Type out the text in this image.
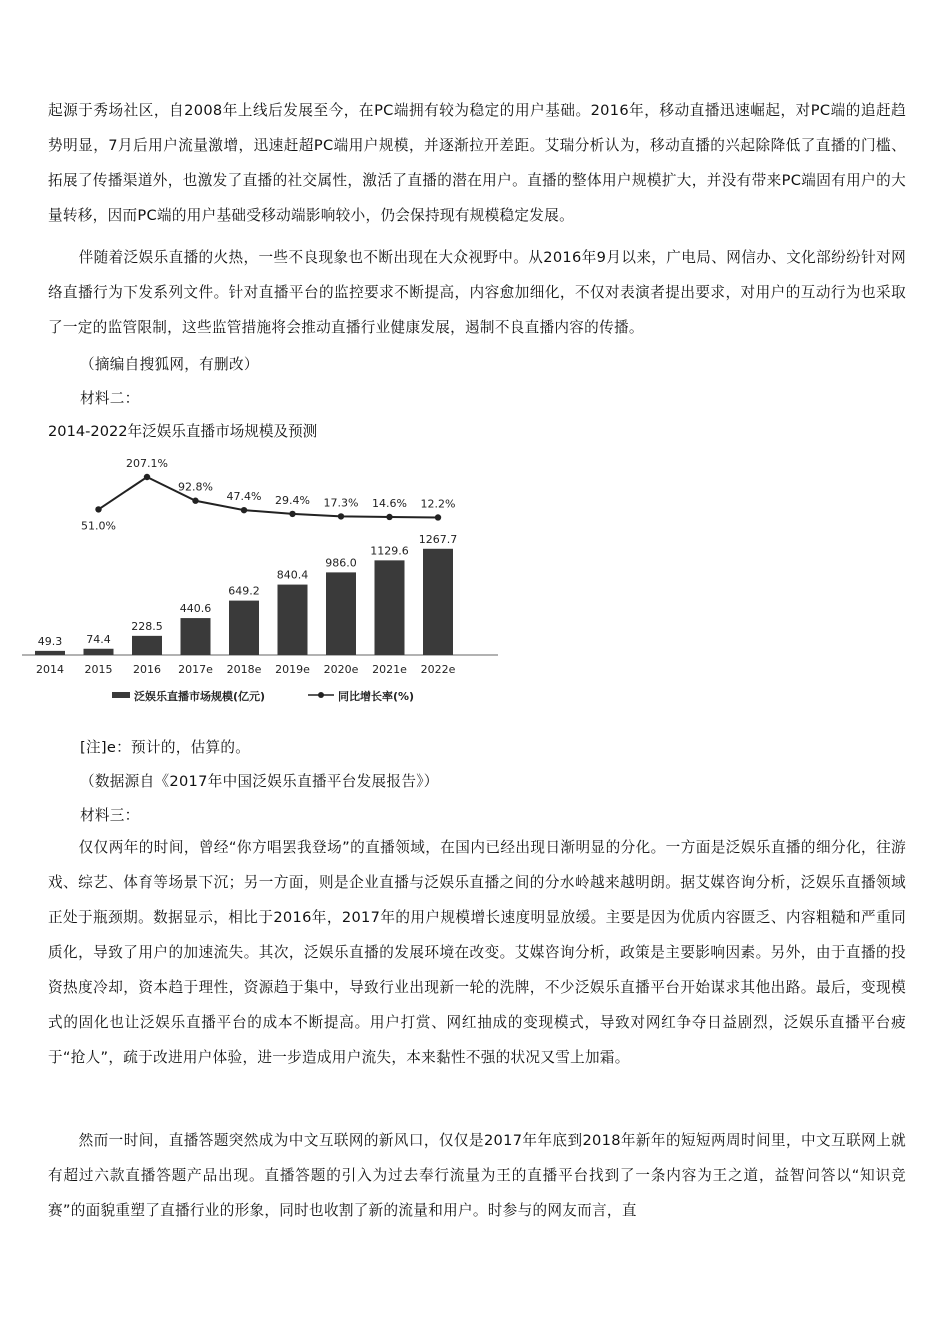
起源于秀场社区，自2008年上线后发展至今，在PC端拥有较为稳定的用户基础。2016年，移动直播迅速崛起，对PC端的追赶趋势明显，7月后用户流量激增，迅速赶超PC端用户规模，并逐渐拉开差距。艾瑞分析认为，移动直播的兴起除降低了直播的门槛、拓展了传播渠道外，也激发了直播的社交属性，激活了直播的潜在用户。直播的整体用户规模扩大，并没有带来PC端固有用户的大量转移，因而PC端的用户基础受移动端影响较小，仍会保持现有规模稳定发展。

伴随着泛娱乐直播的火热，一些不良现象也不断出现在大众视野中。从2016年9月以来，广电局、网信办、文化部纷纷针对网络直播行为下发系列文件。针对直播平台的监控要求不断提高，内容愈加细化，不仅对表演者提出要求，对用户的互动行为也采取了一定的监管限制，这些监管措施将会推动直播行业健康发展，遏制不良直播内容的传播。

（摘编自搜狐网，有删改）

材料二：

2014-2022年泛娱乐直播市场规模及预测

49.3
2014
74.4
2015
228.5
2016
440.6
2017e
649.2
2018e
840.4
2019e
986.0
2020e
1129.6
2021e
1267.7
2022e
51.0%
207.1%
92.8%
47.4% 29.4% 17.3% 14.6% 12.2%
泛娱乐直播市场规模(亿元)	同比增长率(%)

[注]e：预计的，估算的。

（数据源自《2017年中国泛娱乐直播平台发展报告》）

材料三：

仅仅两年的时间，曾经“你方唱罢我登场”的直播领域，在国内已经出现日渐明显的分化。一方面是泛娱乐直播的细分化，往游戏、综艺、体育等场景下沉；另一方面，则是企业直播与泛娱乐直播之间的分水岭越来越明朗。据艾媒咨询分析，泛娱乐直播领域正处于瓶颈期。数据显示，相比于2016年，2017年的用户规模增长速度明显放缓。主要是因为优质内容匮乏、内容粗糙和严重同质化，导致了用户的加速流失。其次，泛娱乐直播的发展环境在改变。艾媒咨询分析，政策是主要影响因素。另外，由于直播的投资热度冷却，资本趋于理性，资源趋于集中，导致行业出现新一轮的洗牌，不少泛娱乐直播平台开始谋求其他出路。最后，变现模式的固化也让泛娱乐直播平台的成本不断提高。用户打赏、网红抽成的变现模式，导致对网红争夺日益剧烈，泛娱乐直播平台疲于“抢人”，疏于改进用户体验，进一步造成用户流失，本来黏性不强的状况又雪上加霜。

然而一时间，直播答题突然成为中文互联网的新风口，仅仅是2017年年底到2018年新年的短短两周时间里，中文互联网上就有超过六款直播答题产品出现。直播答题的引入为过去奉行流量为王的直播平台找到了一条内容为王之道，益智问答以“知识竞赛”的面貌重塑了直播行业的形象，同时也收割了新的流量和用户。时参与的网友而言，直
